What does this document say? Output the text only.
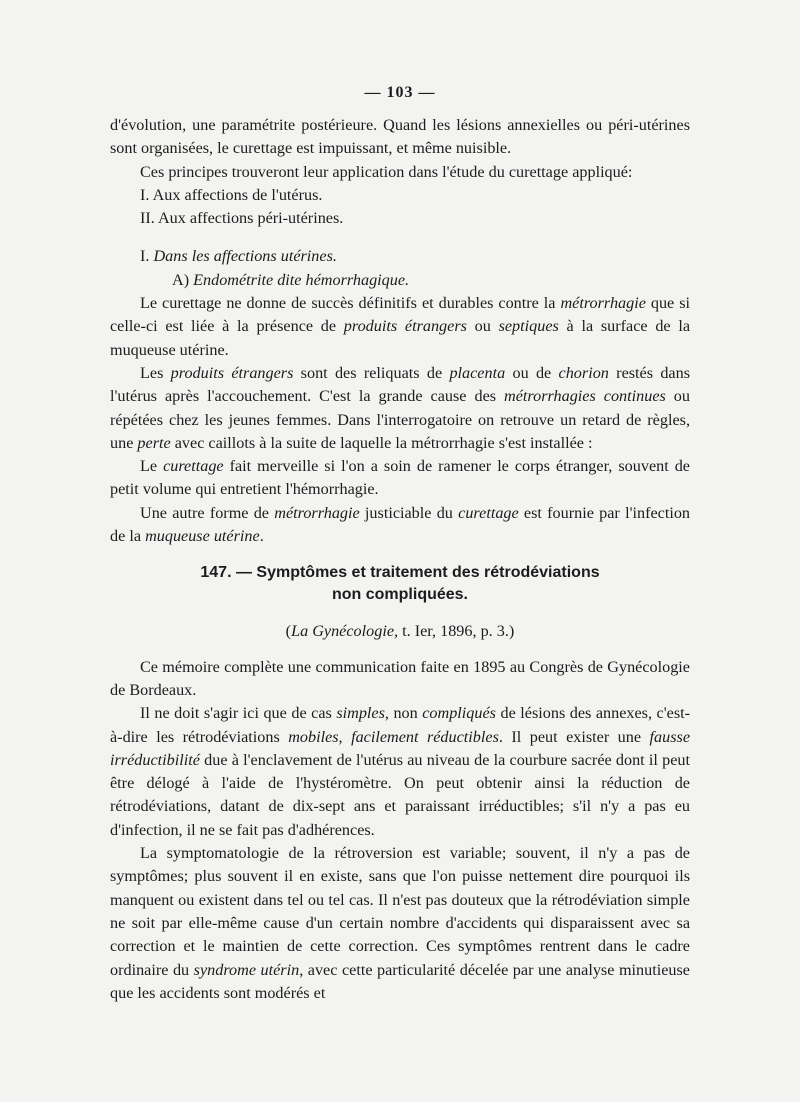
— 103 —

d'évolution, une paramétrite postérieure. Quand les lésions annexielles ou péri-utérines sont organisées, le curettage est impuissant, et même nuisible.

Ces principes trouveront leur application dans l'étude du curettage appliqué:

I. Aux affections de l'utérus.

II. Aux affections péri-utérines.

I. Dans les affections utérines.
A) Endométrite dite hémorrhagique.

Le curettage ne donne de succès définitifs et durables contre la métrorrhagie que si celle-ci est liée à la présence de produits étrangers ou septiques à la surface de la muqueuse utérine.

Les produits étrangers sont des reliquats de placenta ou de chorion restés dans l'utérus après l'accouchement. C'est la grande cause des métrorrhagies continues ou répétées chez les jeunes femmes. Dans l'interrogatoire on retrouve un retard de règles, une perte avec caillots à la suite de laquelle la métrorrhagie s'est installée :

Le curettage fait merveille si l'on a soin de ramener le corps étranger, souvent de petit volume qui entretient l'hémorrhagie.

Une autre forme de métrorrhagie justiciable du curettage est fournie par l'infection de la muqueuse utérine.

147. — Symptômes et traitement des rétrodéviations
non compliquées.
(La Gynécologie, t. Ier, 1896, p. 3.)

Ce mémoire complète une communication faite en 1895 au Congrès de Gynécologie de Bordeaux.

Il ne doit s'agir ici que de cas simples, non compliqués de lésions des annexes, c'est-à-dire les rétrodéviations mobiles, facilement réductibles. Il peut exister une fausse irréductibilité due à l'enclavement de l'utérus au niveau de la courbure sacrée dont il peut être délogé à l'aide de l'hystéromètre. On peut obtenir ainsi la réduction de rétrodéviations, datant de dix-sept ans et paraissant irréductibles; s'il n'y a pas eu d'infection, il ne se fait pas d'adhérences.

La symptomatologie de la rétroversion est variable; souvent, il n'y a pas de symptômes; plus souvent il en existe, sans que l'on puisse nettement dire pourquoi ils manquent ou existent dans tel ou tel cas. Il n'est pas douteux que la rétrodéviation simple ne soit par elle-même cause d'un certain nombre d'accidents qui disparaissent avec sa correction et le maintien de cette correction. Ces symptômes rentrent dans le cadre ordinaire du syndrome utérin, avec cette particularité décelée par une analyse minutieuse que les accidents sont modérés et
